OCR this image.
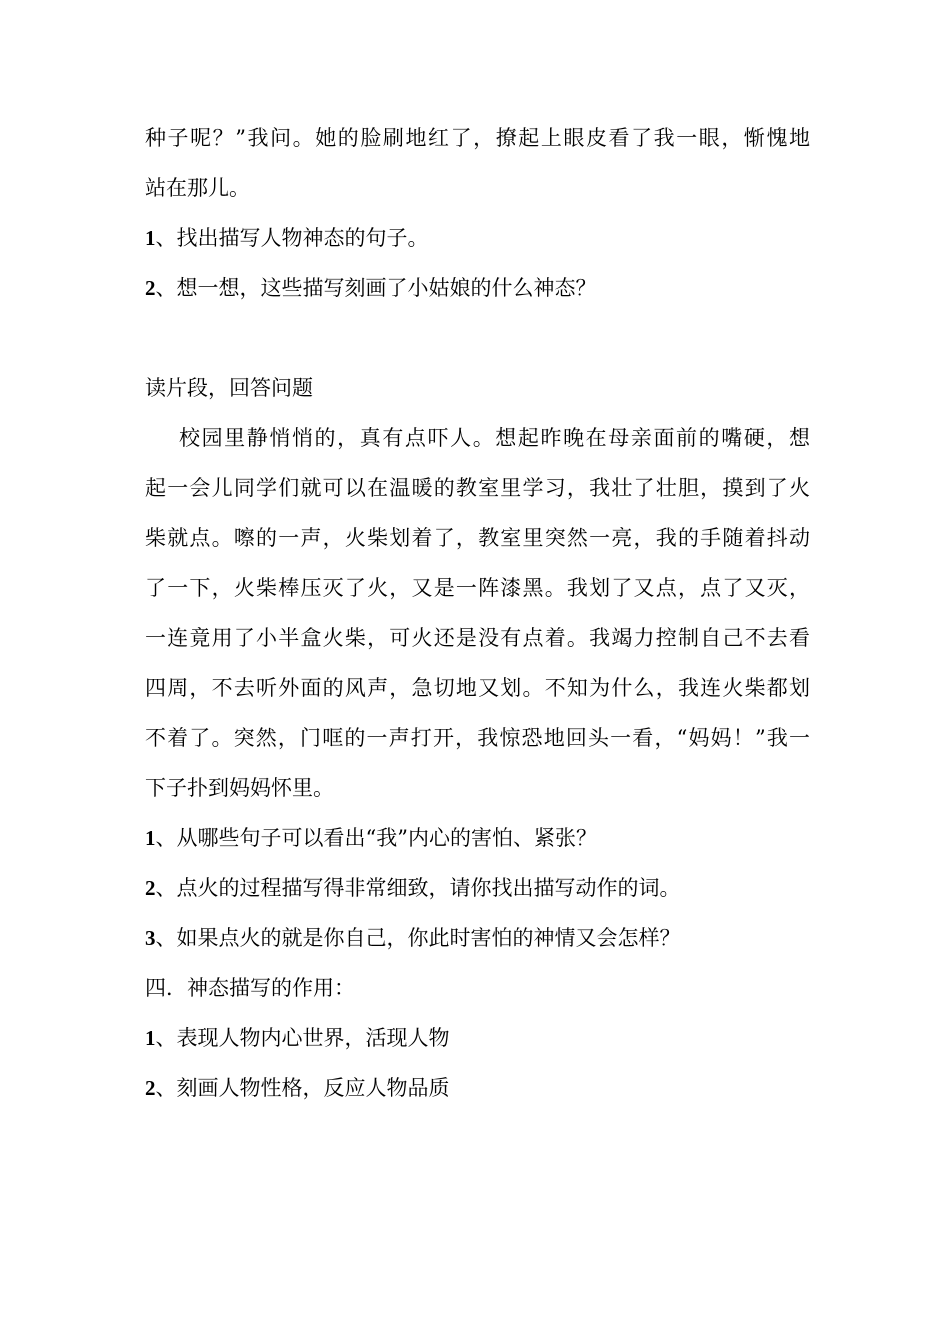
种子呢？”我问。她的脸刷地红了，撩起上眼皮看了我一眼，惭愧地
站在那儿。
1、找出描写人物神态的句子。
2、想一想，这些描写刻画了小姑娘的什么神态？
读片段，回答问题
校园里静悄悄的，真有点吓人。想起昨晚在母亲面前的嘴硬，想
起一会儿同学们就可以在温暖的教室里学习，我壮了壮胆，摸到了火
柴就点。嚓的一声，火柴划着了，教室里突然一亮，我的手随着抖动
了一下，火柴棒压灭了火，又是一阵漆黑。我划了又点，点了又灭，
一连竟用了小半盒火柴，可火还是没有点着。我竭力控制自己不去看
四周，不去听外面的风声，急切地又划。不知为什么，我连火柴都划
不着了。突然，门哐的一声打开，我惊恐地回头一看，“妈妈！”我一
下子扑到妈妈怀里。
1、从哪些句子可以看出“我”内心的害怕、紧张？
2、点火的过程描写得非常细致，请你找出描写动作的词。
3、如果点火的就是你自己，你此时害怕的神情又会怎样？
四．神态描写的作用：
1、表现人物内心世界，活现人物
2、刻画人物性格，反应人物品质
